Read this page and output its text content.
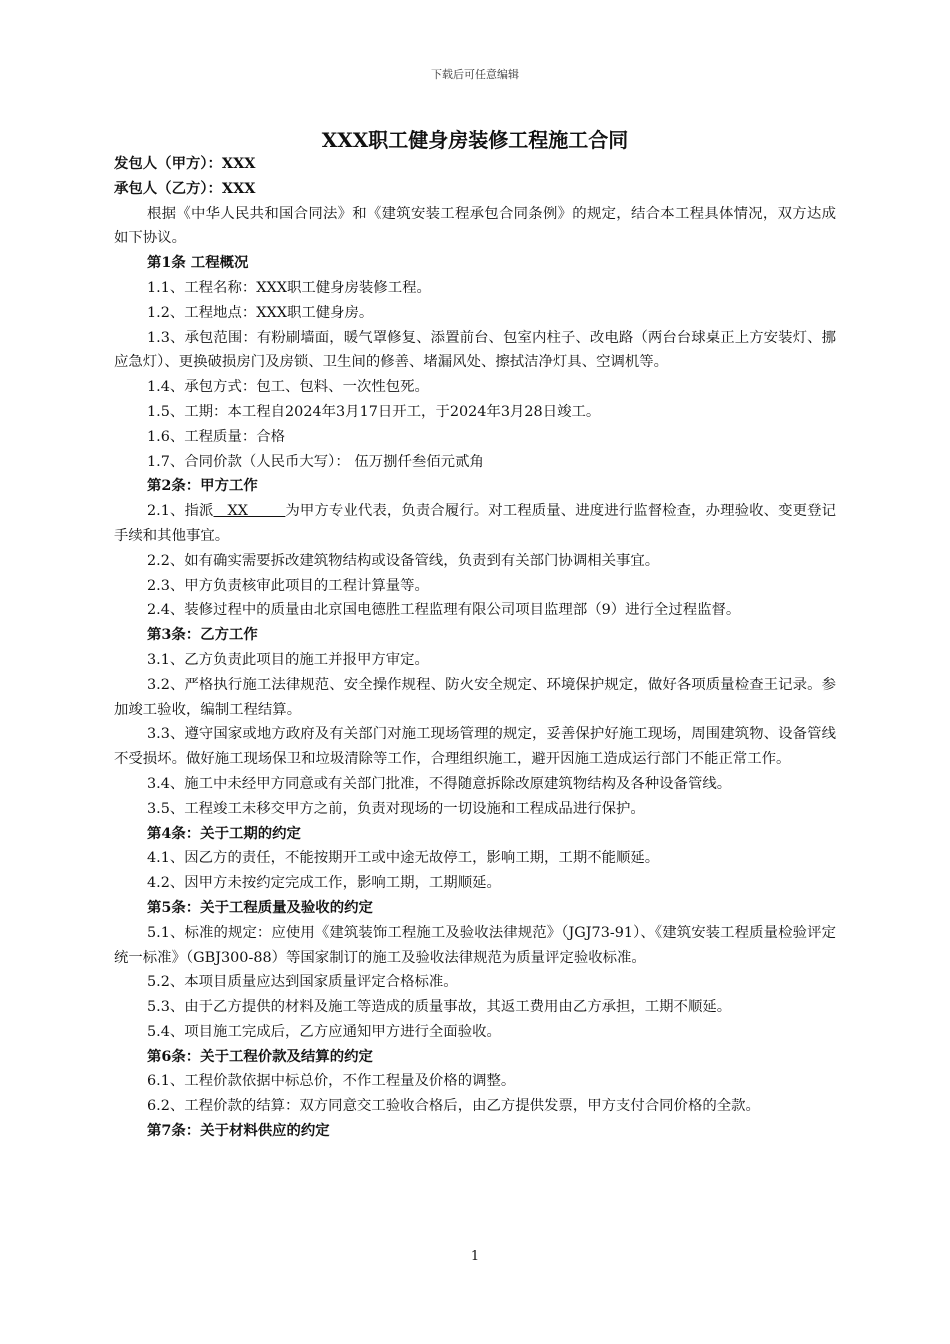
下载后可任意编辑
XXX职工健身房装修工程施工合同
发包人（甲方）：XXX
承包人（乙方）：XXX
根据《中华人民共和国合同法》和《建筑安装工程承包合同条例》的规定，结合本工程具体情况，双方达成如下协议。
第1条 工程概况
1.1、工程名称：XXX职工健身房装修工程。
1.2、工程地点：XXX职工健身房。
1.3、承包范围：有粉刷墙面，暖气罩修复、添置前台、包室内柱子、改电路（两台台球桌正上方安装灯、挪应急灯）、更换破损房门及房锁、卫生间的修善、堵漏风处、擦拭洁净灯具、空调机等。
1.4、承包方式：包工、包料、一次性包死。
1.5、工期：本工程自2024年3月17日开工，于2024年3月28日竣工。
1.6、工程质量：合格
1.7、合同价款（人民币大写）： 伍万捌仟叁佰元贰角
第2条：甲方工作
2.1、指派   XX        为甲方专业代表，负责合履行。对工程质量、进度进行监督检查，办理验收、变更登记手续和其他事宜。
2.2、如有确实需要拆改建筑物结构或设备管线，负责到有关部门协调相关事宜。
2.3、甲方负责核审此项目的工程计算量等。
2.4、装修过程中的质量由北京国电德胜工程监理有限公司项目监理部（9）进行全过程监督。
第3条：乙方工作
3.1、乙方负责此项目的施工并报甲方审定。
3.2、严格执行施工法律规范、安全操作规程、防火安全规定、环境保护规定，做好各项质量检查王记录。参加竣工验收，编制工程结算。
3.3、遵守国家或地方政府及有关部门对施工现场管理的规定，妥善保护好施工现场，周围建筑物、设备管线不受损坏。做好施工现场保卫和垃圾清除等工作，合理组织施工，避开因施工造成运行部门不能正常工作。
3.4、施工中未经甲方同意或有关部门批准，不得随意拆除改原建筑物结构及各种设备管线。
3.5、工程竣工未移交甲方之前，负责对现场的一切设施和工程成品进行保护。
第4条：关于工期的约定
4.1、因乙方的责任，不能按期开工或中途无故停工，影响工期，工期不能顺延。
4.2、因甲方未按约定完成工作，影响工期，工期顺延。
第5条：关于工程质量及验收的约定
5.1、标准的规定：应使用《建筑装饰工程施工及验收法律规范》（JGJ73-91）、《建筑安装工程质量检验评定统一标准》（GBJ300-88）等国家制订的施工及验收法律规范为质量评定验收标准。
5.2、本项目质量应达到国家质量评定合格标准。
5.3、由于乙方提供的材料及施工等造成的质量事故，其返工费用由乙方承担，工期不顺延。
5.4、项目施工完成后，乙方应通知甲方进行全面验收。
第6条：关于工程价款及结算的约定
6.1、工程价款依据中标总价，不作工程量及价格的调整。
6.2、工程价款的结算：双方同意交工验收合格后，由乙方提供发票，甲方支付合同价格的全款。
第7条：关于材料供应的约定
1
